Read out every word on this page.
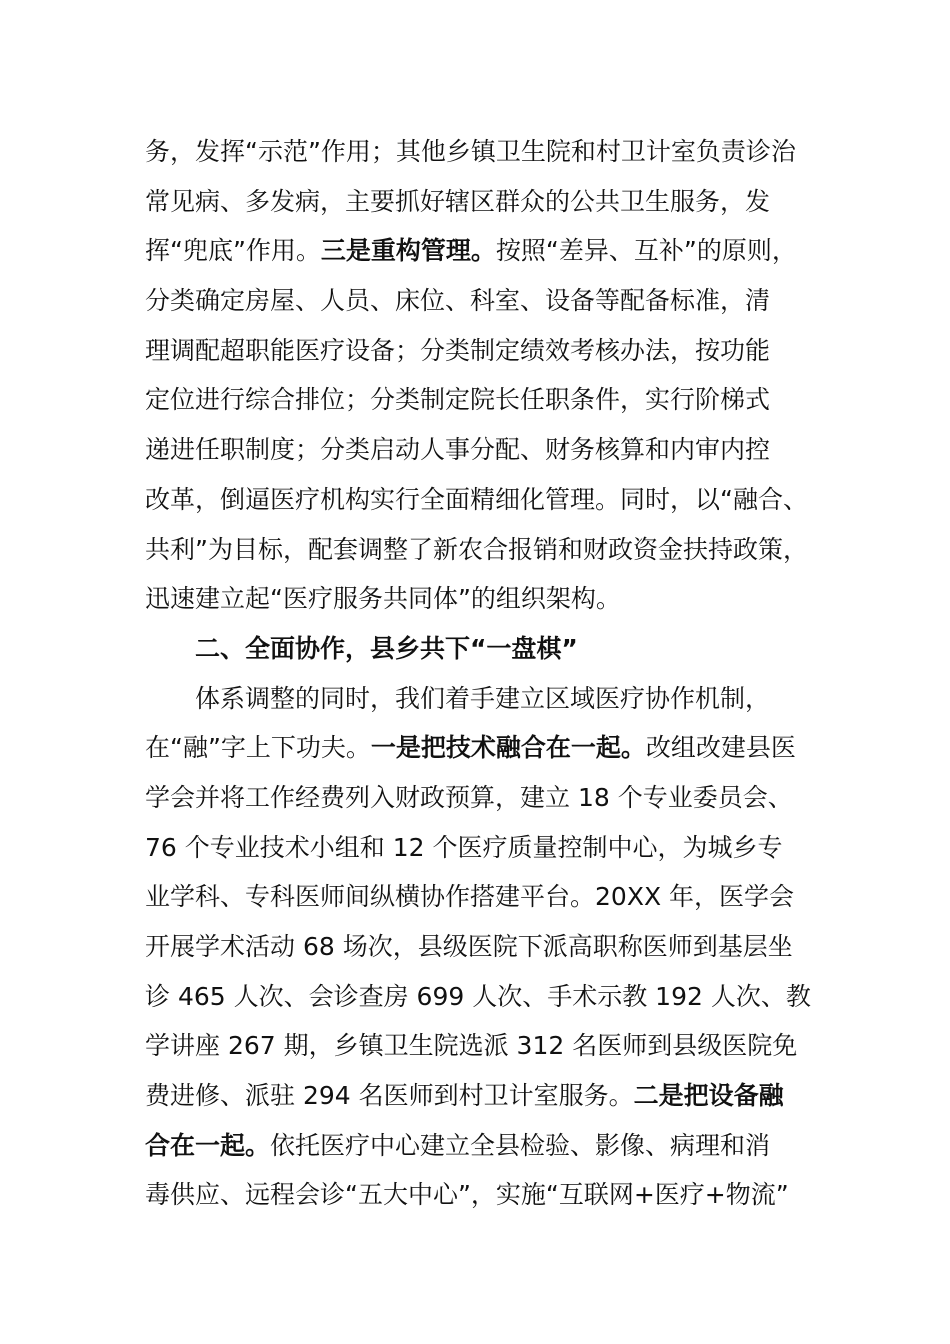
务，发挥“示范”作用；其他乡镇卫生院和村卫计室负责诊治
常见病、多发病，主要抓好辖区群众的公共卫生服务，发
挥“兜底”作用。三是重构管理。按照“差异、互补”的原则，
分类确定房屋、人员、床位、科室、设备等配备标准，清
理调配超职能医疗设备；分类制定绩效考核办法，按功能
定位进行综合排位；分类制定院长任职条件，实行阶梯式
递进任职制度；分类启动人事分配、财务核算和内审内控
改革，倒逼医疗机构实行全面精细化管理。同时，以“融合、
共利”为目标，配套调整了新农合报销和财政资金扶持政策，
迅速建立起“医疗服务共同体”的组织架构。
二、全面协作，县乡共下“一盘棋”
体系调整的同时，我们着手建立区域医疗协作机制，
在“融”字上下功夫。一是把技术融合在一起。改组改建县医
学会并将工作经费列入财政预算，建立 18 个专业委员会、
76 个专业技术小组和 12 个医疗质量控制中心，为城乡专
业学科、专科医师间纵横协作搭建平台。20XX 年，医学会
开展学术活动 68 场次，县级医院下派高职称医师到基层坐
诊 465 人次、会诊查房 699 人次、手术示教 192 人次、教
学讲座 267 期，乡镇卫生院选派 312 名医师到县级医院免
费进修、派驻 294 名医师到村卫计室服务。二是把设备融
合在一起。依托医疗中心建立全县检验、影像、病理和消
毒供应、远程会诊“五大中心”，实施“互联网+医疗+物流”
